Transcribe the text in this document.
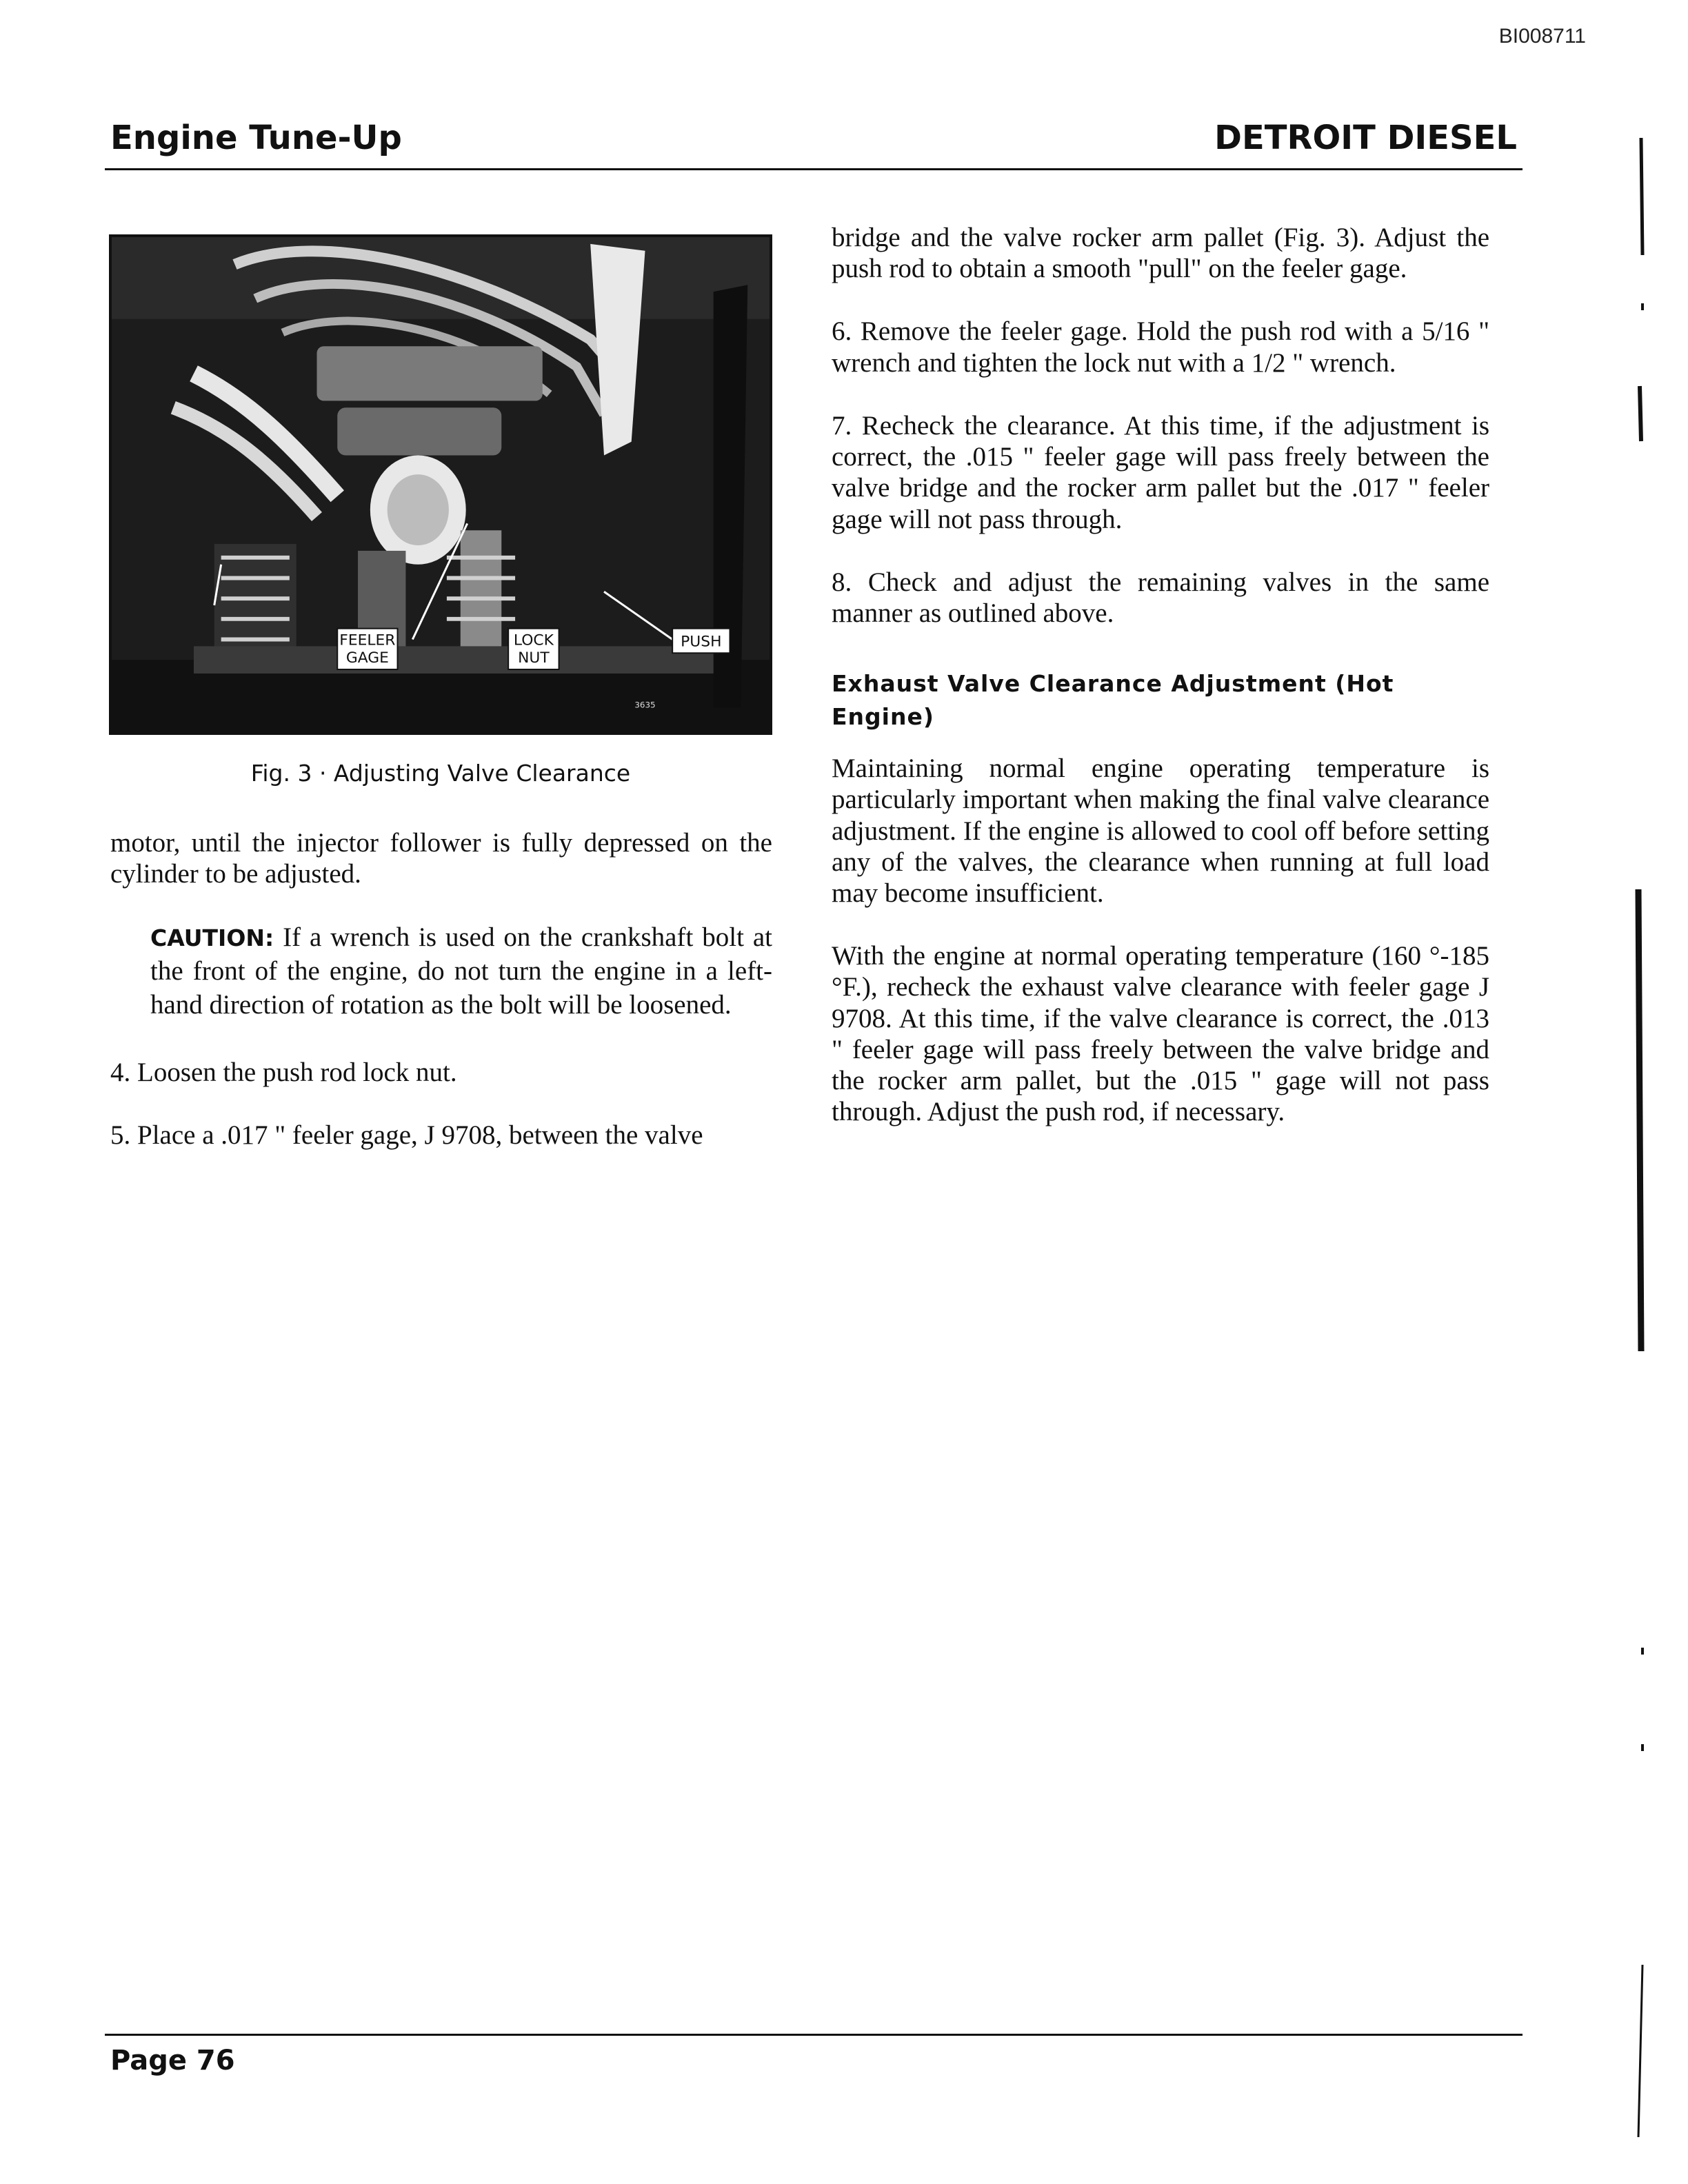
BI008711
Engine Tune-Up	DETROIT DIESEL
FEELER
GAGE
LOCK
NUT
PUSH
3635
Fig. 3 · Adjusting Valve Clearance

motor, until the injector follower is fully depressed on the cylinder to be adjusted.

CAUTION: If a wrench is used on the crankshaft bolt at the front of the engine, do not turn the engine in a left-hand direction of rotation as the bolt will be loosened.

4. Loosen the push rod lock nut.

5. Place a .017 " feeler gage, J 9708, between the valve

bridge and the valve rocker arm pallet (Fig. 3). Adjust the push rod to obtain a smooth "pull" on the feeler gage.

6. Remove the feeler gage. Hold the push rod with a 5/16 " wrench and tighten the lock nut with a 1/2 " wrench.

7. Recheck the clearance. At this time, if the adjustment is correct, the .015 " feeler gage will pass freely between the valve bridge and the rocker arm pallet but the .017 " feeler gage will not pass through.

8. Check and adjust the remaining valves in the same manner as outlined above.

Exhaust Valve Clearance Adjustment (Hot Engine)

Maintaining normal engine operating temperature is particularly important when making the final valve clearance adjustment. If the engine is allowed to cool off before setting any of the valves, the clearance when running at full load may become insufficient.

With the engine at normal operating temperature (160 °-185 °F.), recheck the exhaust valve clearance with feeler gage J 9708. At this time, if the valve clearance is correct, the .013 " feeler gage will pass freely between the valve bridge and the rocker arm pallet, but the .015 " gage will not pass through. Adjust the push rod, if necessary.

Page 76
